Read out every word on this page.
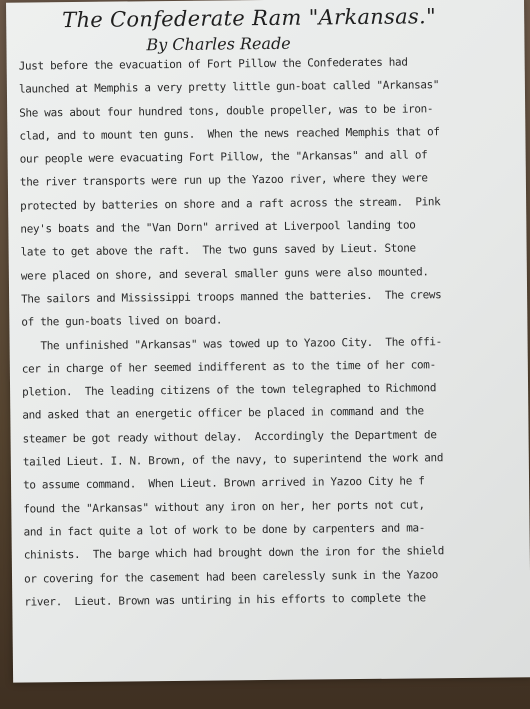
The Confederate Ram "Arkansas."
By Charles Reade
Just before the evacuation of Fort Pillow the Confederates had
launched at Memphis a very pretty little gun-boat called "Arkansas"
She was about four hundred tons, double propeller, was to be iron-
clad, and to mount ten guns.  When the news reached Memphis that of
our people were evacuating Fort Pillow, the "Arkansas" and all of
the river transports were run up the Yazoo river, where they were
protected by batteries on shore and a raft across the stream.  Pink
ney's boats and the "Van Dorn" arrived at Liverpool landing too
late to get above the raft.  The two guns saved by Lieut. Stone
were placed on shore, and several smaller guns were also mounted.
The sailors and Mississippi troops manned the batteries.  The crews
of the gun-boats lived on board.
The unfinished "Arkansas" was towed up to Yazoo City.  The offi-
cer in charge of her seemed indifferent as to the time of her com-
pletion.  The leading citizens of the town telegraphed to Richmond
and asked that an energetic officer be placed in command and the
steamer be got ready without delay.  Accordingly the Department de
tailed Lieut. I. N. Brown, of the navy, to superintend the work and
to assume command.  When Lieut. Brown arrived in Yazoo City he f
found the "Arkansas" without any iron on her, her ports not cut,
and in fact quite a lot of work to be done by carpenters and ma-
chinists.  The barge which had brought down the iron for the shield
or covering for the casement had been carelessly sunk in the Yazoo
river.  Lieut. Brown was untiring in his efforts to complete the
